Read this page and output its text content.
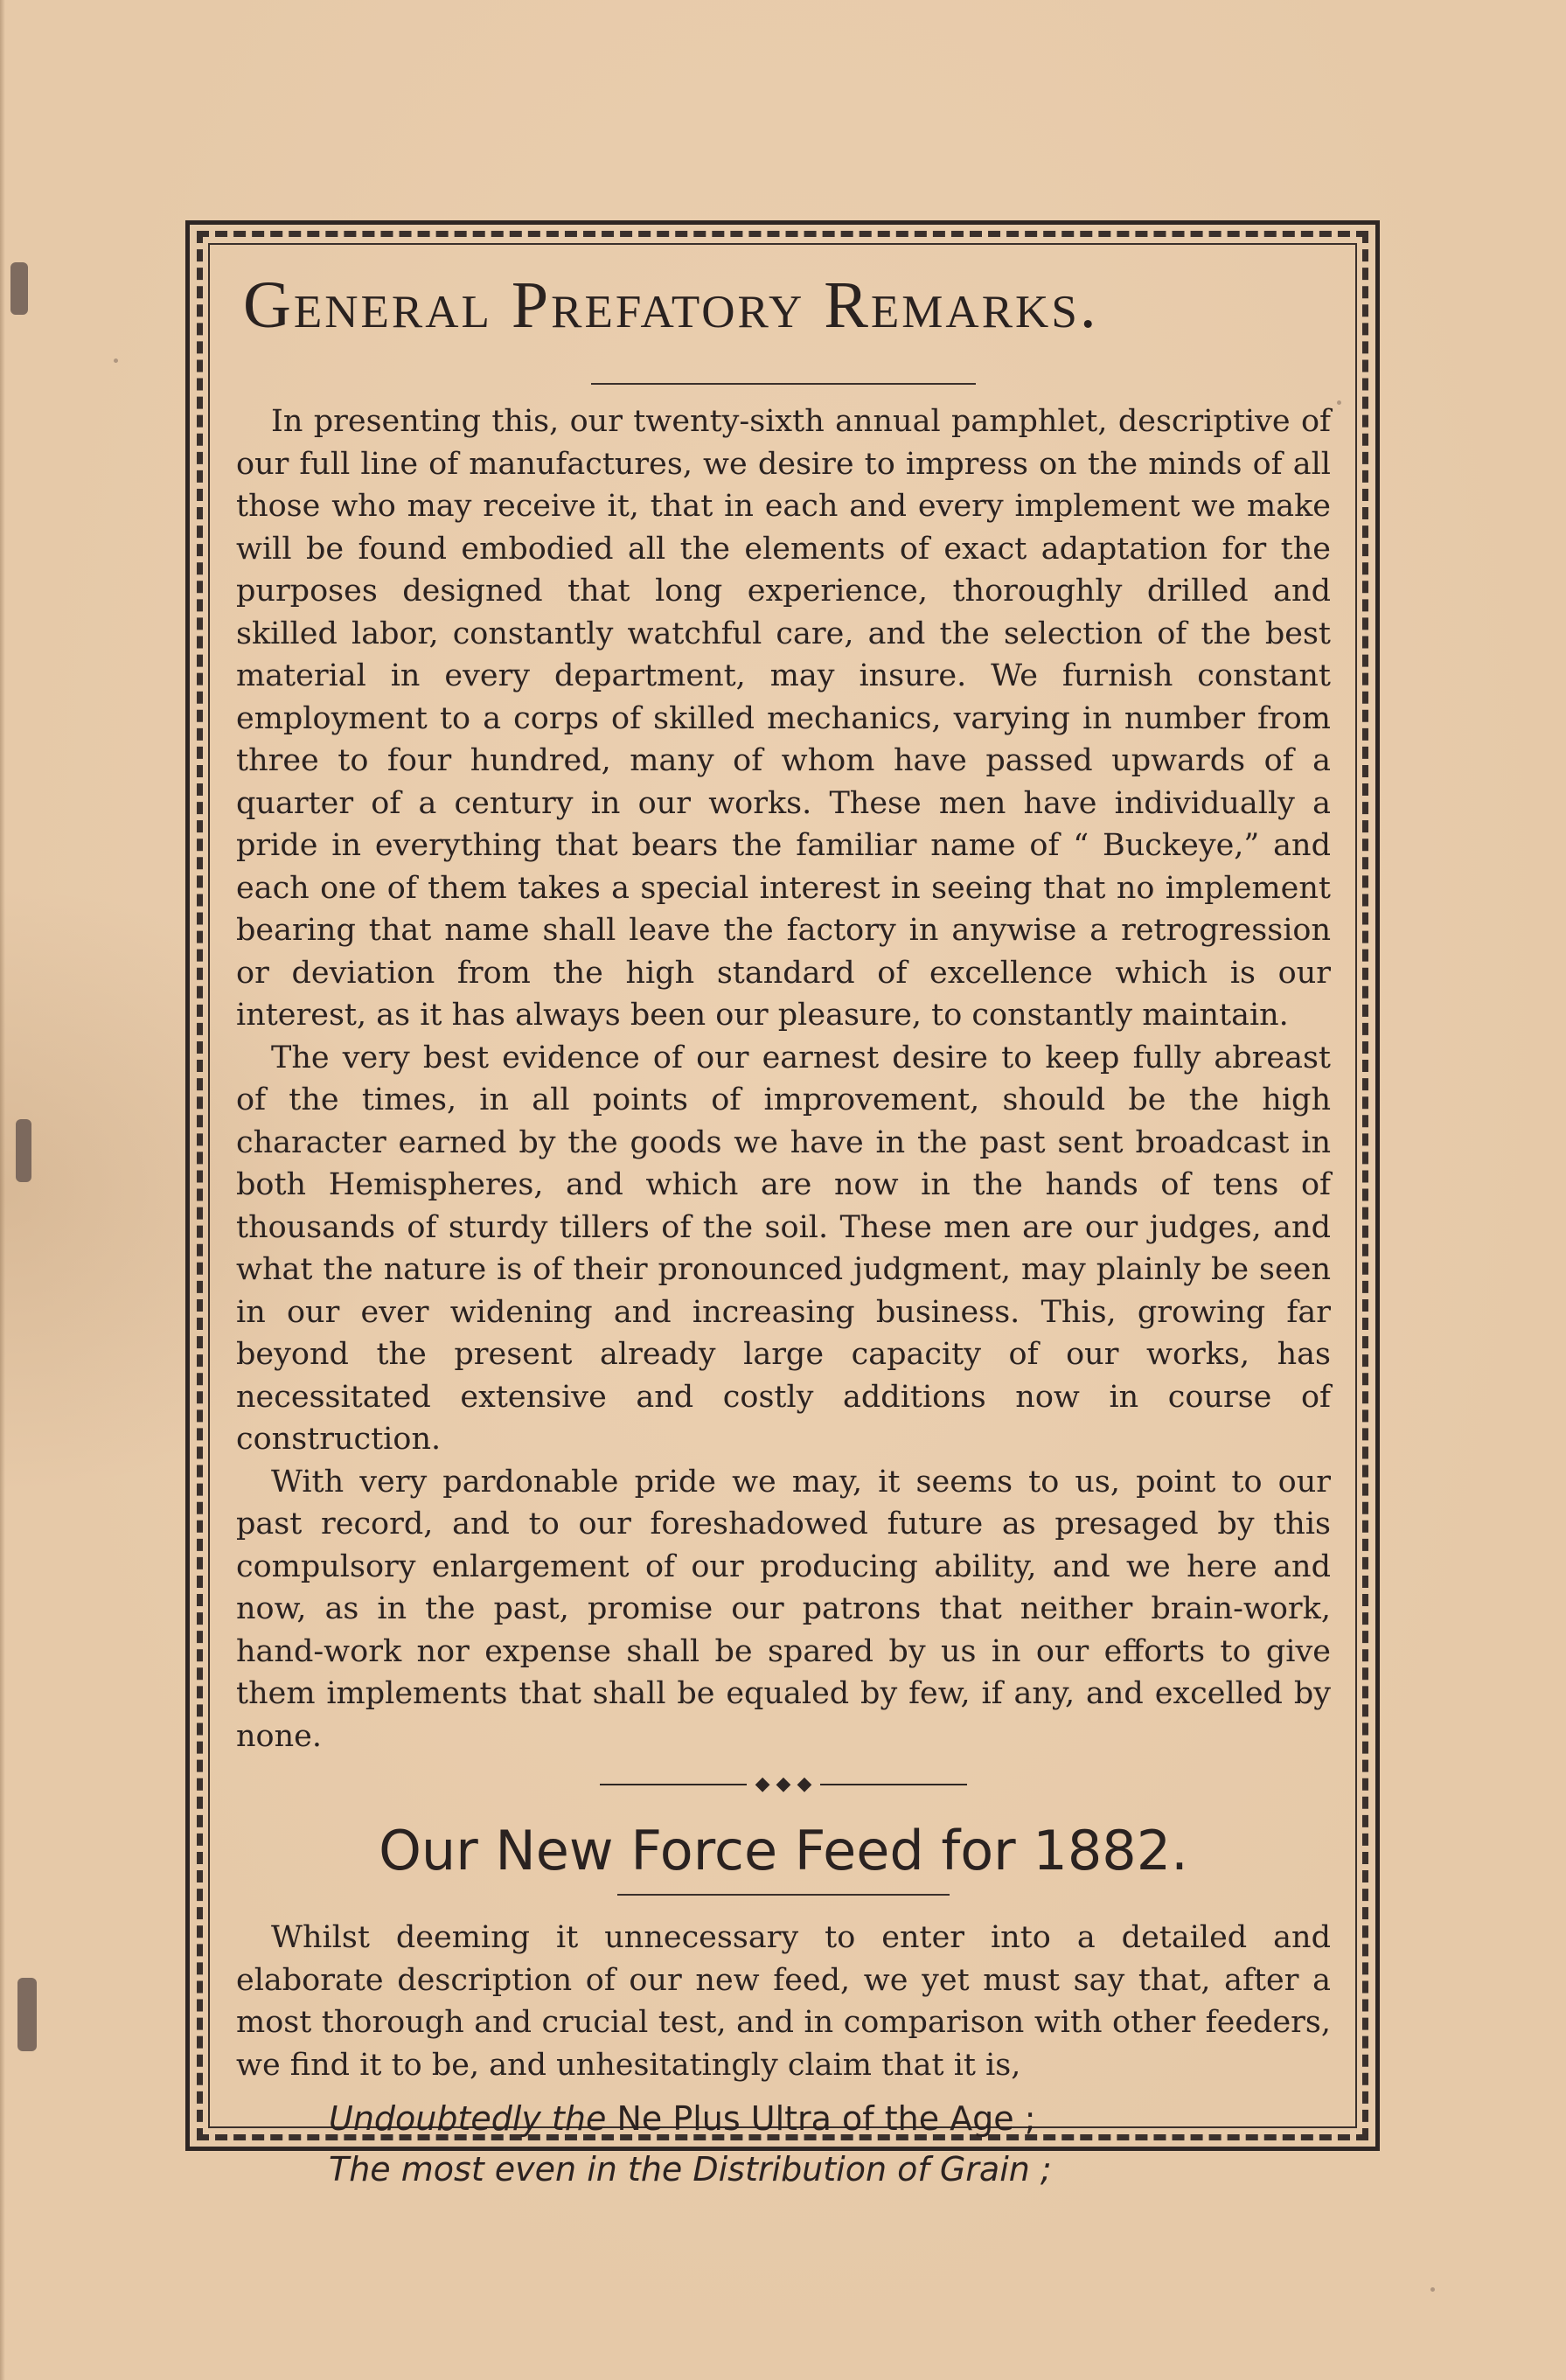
General Prefatory Remarks.

In presenting this, our twenty-sixth annual pamphlet, descriptive of our full line of manufactures, we desire to impress on the minds of all those who may receive it, that in each and every implement we make will be found embodied all the elements of exact adaptation for the purposes designed that long experience, thoroughly drilled and skilled labor, constantly watchful care, and the selection of the best material in every department, may insure. We furnish constant employment to a corps of skilled mechanics, varying in number from three to four hundred, many of whom have passed upwards of a quarter of a century in our works. These men have individually a pride in everything that bears the familiar name of “ Buckeye,” and each one of them takes a special interest in seeing that no implement bearing that name shall leave the factory in anywise a retrogression or deviation from the high standard of excellence which is our interest, as it has always been our pleasure, to constantly maintain.

The very best evidence of our earnest desire to keep fully abreast of the times, in all points of improvement, should be the high character earned by the goods we have in the past sent broadcast in both Hemispheres, and which are now in the hands of tens of thousands of sturdy tillers of the soil. These men are our judges, and what the nature is of their pronounced judgment, may plainly be seen in our ever widening and increasing business. This, growing far beyond the present already large capacity of our works, has necessitated extensive and costly additions now in course of construction.

With very pardonable pride we may, it seems to us, point to our past record, and to our foreshadowed future as presaged by this compulsory enlargement of our producing ability, and we here and now, as in the past, promise our patrons that neither brain-work, hand-work nor expense shall be spared by us in our efforts to give them implements that shall be equaled by few, if any, and excelled by none.

◆ ◆ ◆
Our New Force Feed for 1882.

Whilst deeming it unnecessary to enter into a detailed and elaborate description of our new feed, we yet must say that, after a most thorough and crucial test, and in comparison with other feeders, we find it to be, and unhesitatingly claim that it is,

Undoubtedly the Ne Plus Ultra of the Age ;

The most even in the Distribution of Grain ;
